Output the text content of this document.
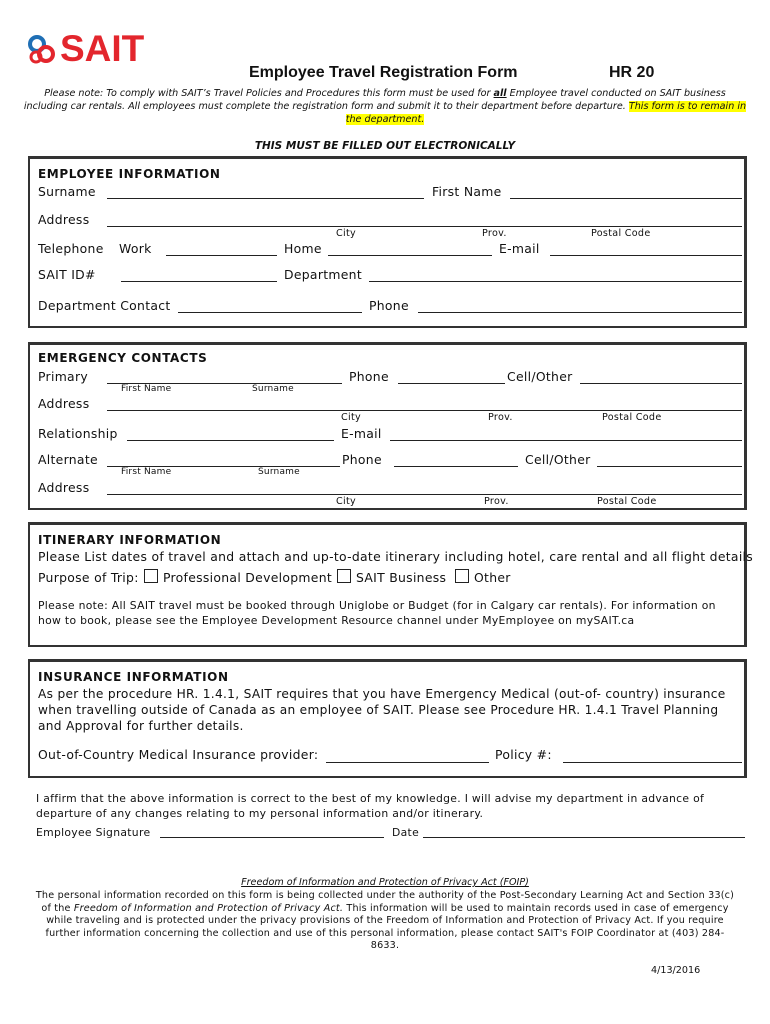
SAIT
Employee Travel Registration Form	HR 20
Please note: To comply with SAIT’s Travel Policies and Procedures this form must be used for all Employee travel conducted on SAIT business including car rentals. All employees must complete the registration form and submit it to their department before departure. This form is to remain in the department.
THIS MUST BE FILLED OUT ELECTRONICALLY
EMPLOYEE INFORMATION
Surname	First Name
Address
City	Prov.	Postal Code
Telephone Work	Home	E-mail
SAIT ID#	Department
Department Contact	Phone
EMERGENCY CONTACTS
Primary	Phone	Cell/Other
First Name	Surname
Address
City	Prov.	Postal Code
Relationship	E-mail
Alternate	Phone	Cell/Other
First Name	Surname
Address
City	Prov.	Postal Code
ITINERARY INFORMATION
Please List dates of travel and attach and up-to-date itinerary including hotel, care rental and all flight details
Purpose of Trip: Professional Development SAIT Business Other
Please note: All SAIT travel must be booked through Uniglobe or Budget (for in Calgary car rentals). For information on how to book, please see the Employee Development Resource channel under MyEmployee on mySAIT.ca
INSURANCE INFORMATION
As per the procedure HR. 1.4.1, SAIT requires that you have Emergency Medical (out-of- country) insurance when travelling outside of Canada as an employee of SAIT. Please see Procedure HR. 1.4.1 Travel Planning and Approval for further details.
Out-of-Country Medical Insurance provider:	Policy #:
I affirm that the above information is correct to the best of my knowledge. I will advise my department in advance of departure of any changes relating to my personal information and/or itinerary.
Employee Signature	Date
Freedom of Information and Protection of Privacy Act (FOIP)
The personal information recorded on this form is being collected under the authority of the Post-Secondary Learning Act and Section 33(c) of the Freedom of Information and Protection of Privacy Act. This information will be used to maintain records used in case of emergency while traveling and is protected under the privacy provisions of the Freedom of Information and Protection of Privacy Act. If you require further information concerning the collection and use of this personal information, please contact SAIT's FOIP Coordinator at (403) 284-8633.
4/13/2016
